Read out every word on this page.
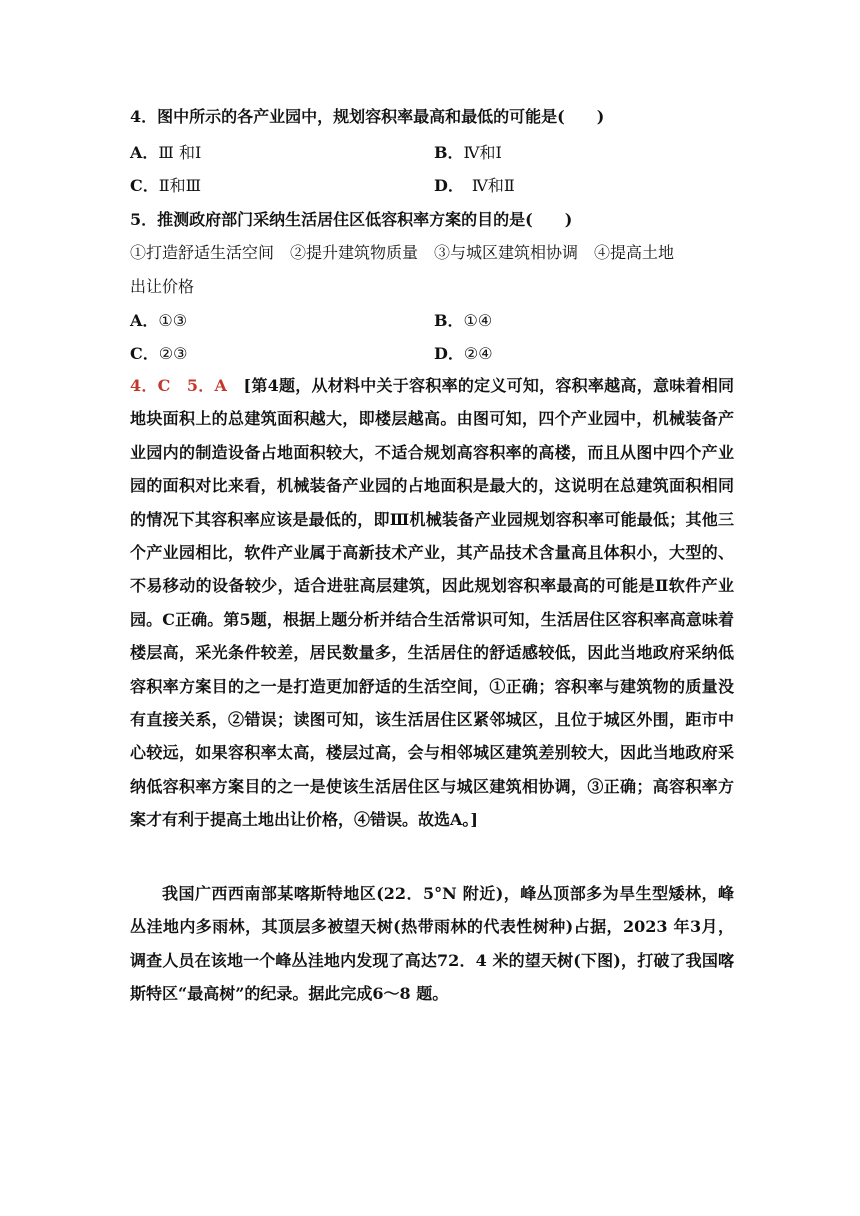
4．图中所示的各产业园中，规划容积率最高和最低的可能是(　　)
A．Ⅲ 和Ⅰ	B．Ⅳ和Ⅰ
C．Ⅱ和Ⅲ	D．　Ⅳ和Ⅱ
5．推测政府部门采纳生活居住区低容积率方案的目的是(　　)
①打造舒适生活空间　②提升建筑物质量　③与城区建筑相协调　④提高土地
出让价格
A．①③	B．①④
C．②③	D．②④
4．C　5．A　[第4题，从材料中关于容积率的定义可知，容积率越高，意味着相同地块面积上的总建筑面积越大，即楼层越高。由图可知，四个产业园中，机械装备产业园内的制造设备占地面积较大，不适合规划高容积率的高楼，而且从图中四个产业园的面积对比来看，机械装备产业园的占地面积是最大的，这说明在总建筑面积相同的情况下其容积率应该是最低的，即Ⅲ机械装备产业园规划容积率可能最低；其他三个产业园相比，软件产业属于高新技术产业，其产品技术含量高且体积小，大型的、不易移动的设备较少，适合进驻高层建筑，因此规划容积率最高的可能是Ⅱ软件产业园。C正确。第5题，根据上题分析并结合生活常识可知，生活居住区容积率高意味着楼层高，采光条件较差，居民数量多，生活居住的舒适感较低，因此当地政府采纳低容积率方案目的之一是打造更加舒适的生活空间，①正确；容积率与建筑物的质量没有直接关系，②错误；读图可知，该生活居住区紧邻城区，且位于城区外围，距市中心较远，如果容积率太高，楼层过高，会与相邻城区建筑差别较大，因此当地政府采纳低容积率方案目的之一是使该生活居住区与城区建筑相协调，③正确；高容积率方案才有利于提高土地出让价格，④错误。故选A。]
我国广西西南部某喀斯特地区(22．5°N 附近)，峰丛顶部多为旱生型矮林，峰丛洼地内多雨林，其顶层多被望天树(热带雨林的代表性树种)占据，2023 年3月，调查人员在该地一个峰丛洼地内发现了高达72．4 米的望天树(下图)，打破了我国喀斯特区“最高树”的纪录。据此完成6～8 题。
